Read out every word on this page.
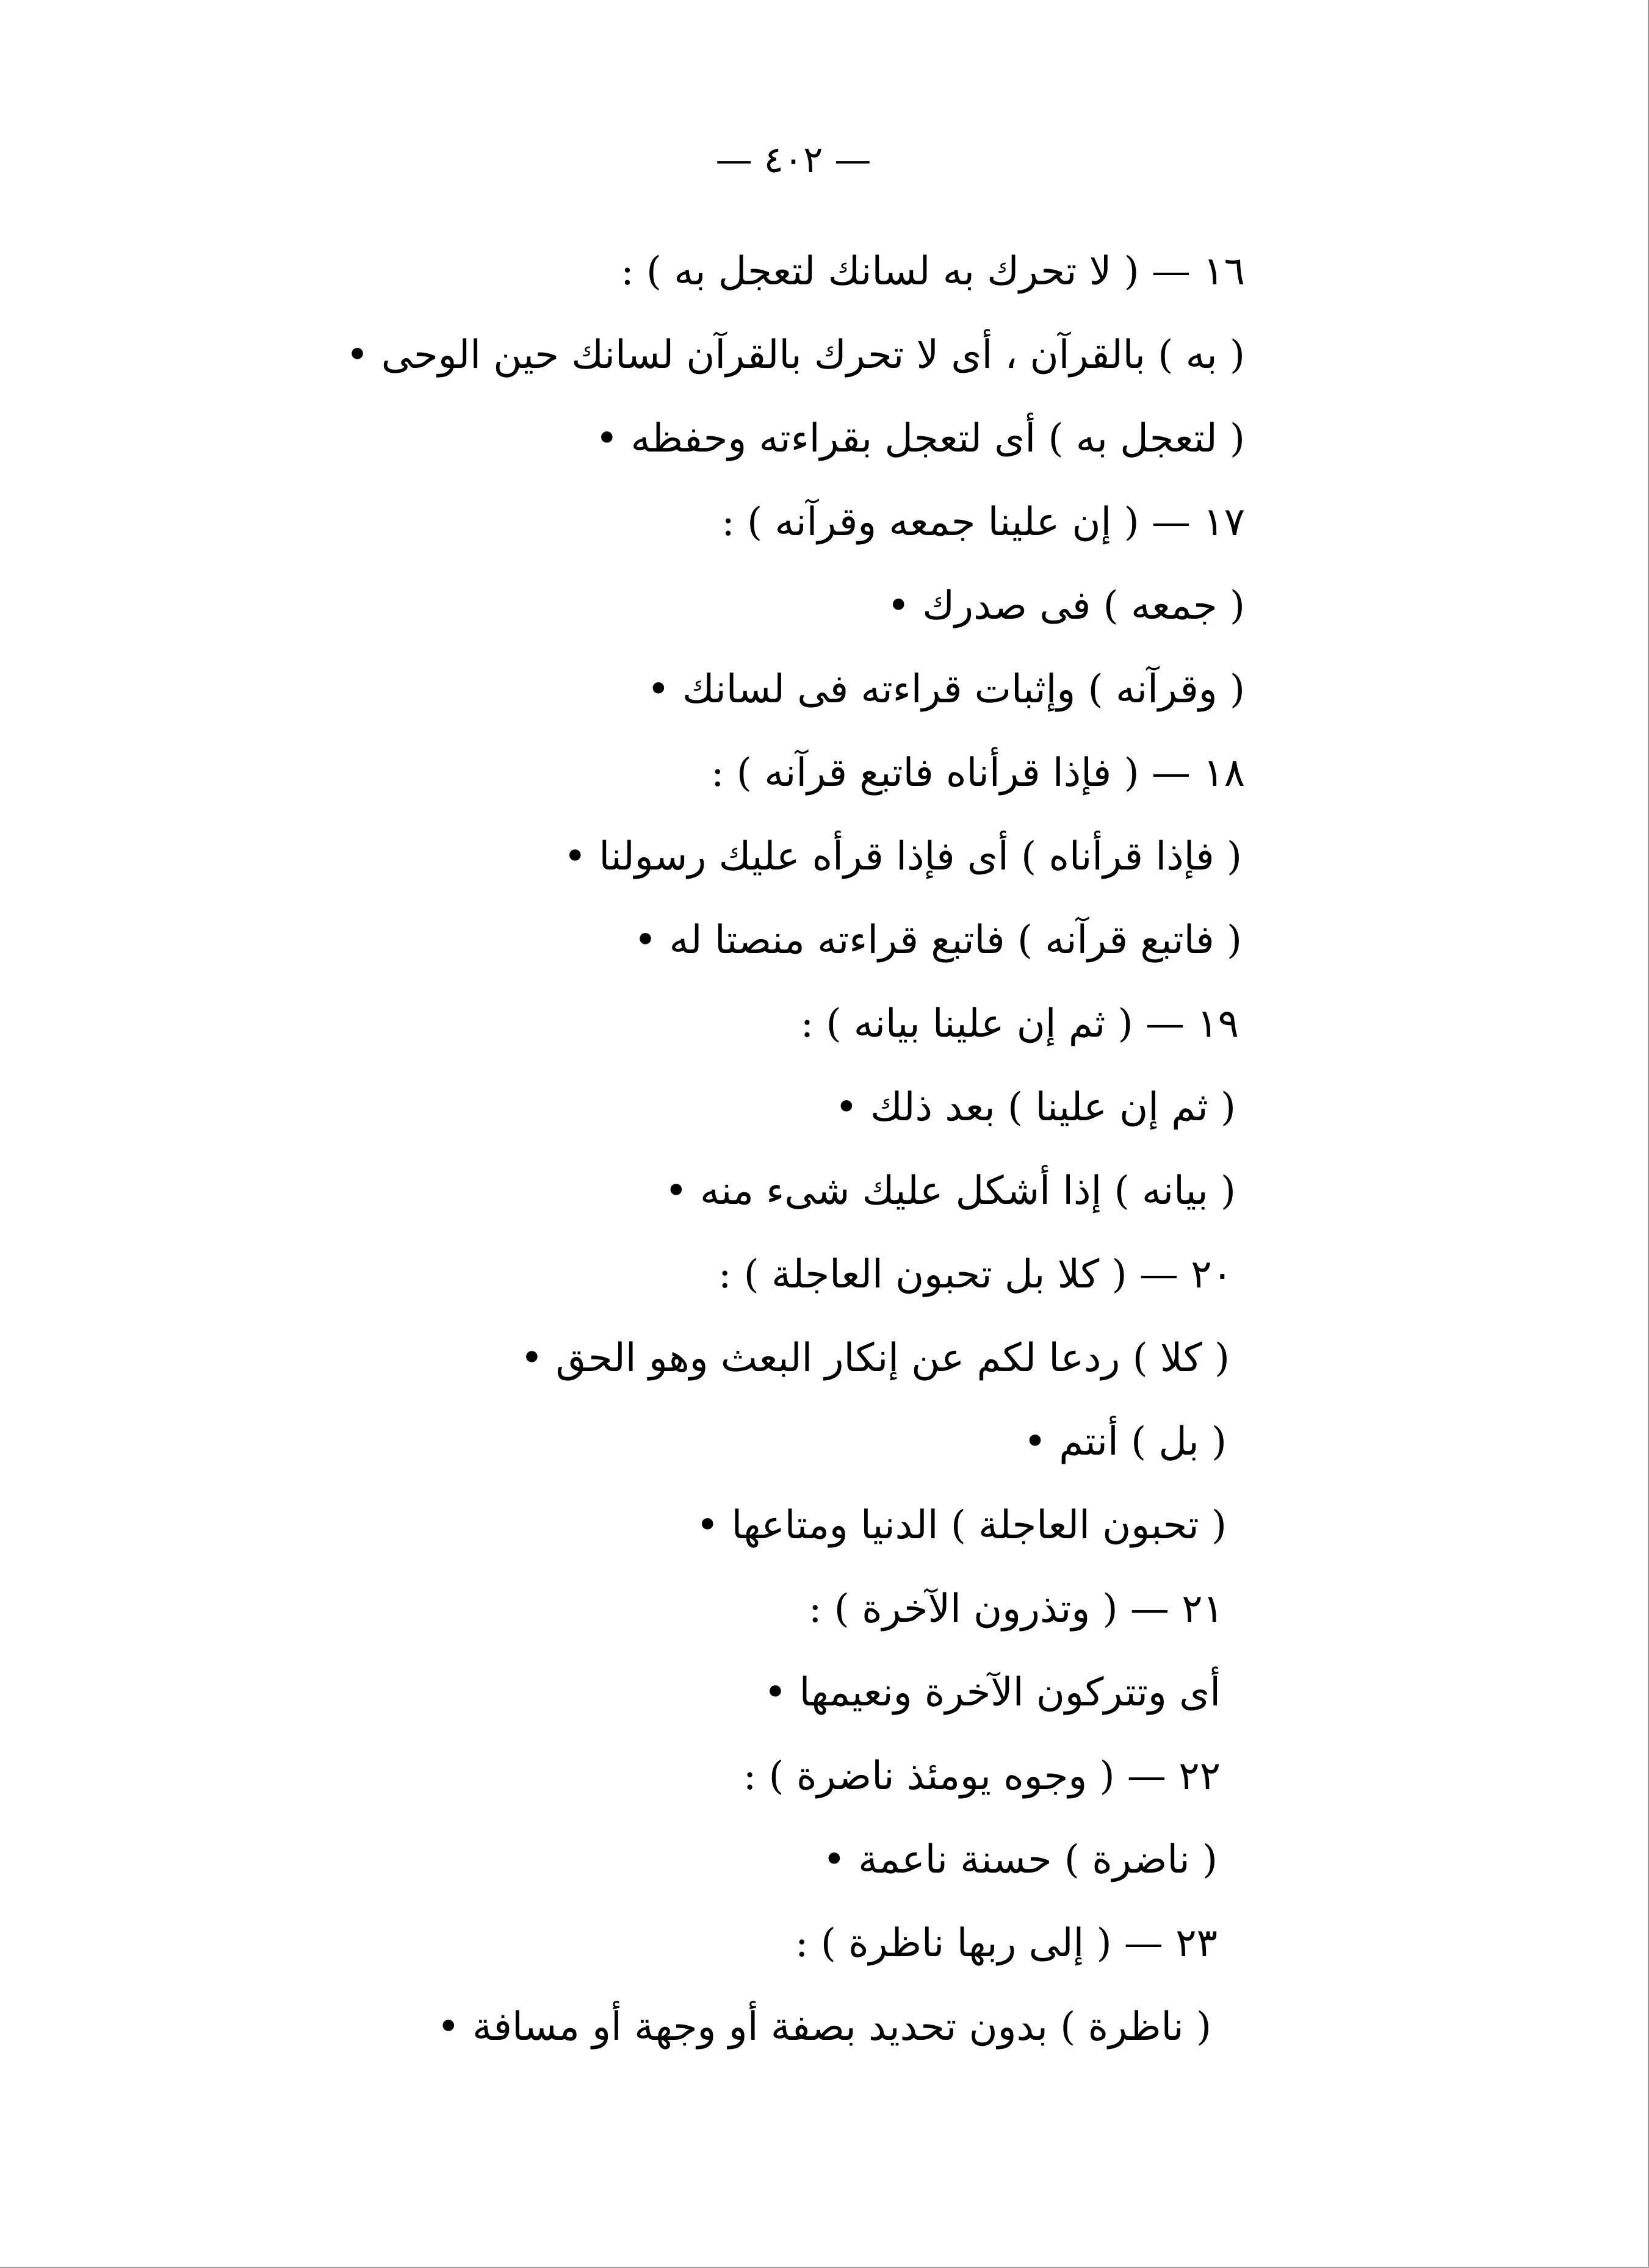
— ٤٠٢ —
١٦ — ( لا تحرك به لسانك لتعجل به ) :
( به ) بالقرآن ، أى لا تحرك بالقرآن لسانك حين الوحى •
( لتعجل به ) أى لتعجل بقراءته وحفظه •
١٧ — ( إن علينا جمعه وقرآنه ) :
( جمعه ) فى صدرك •
( وقرآنه ) وإثبات قراءته فى لسانك •
١٨ — ( فإذا قرأناه فاتبع قرآنه ) :
( فإذا قرأناه ) أى فإذا قرأه عليك رسولنا •
( فاتبع قرآنه ) فاتبع قراءته منصتا له •
١٩ — ( ثم إن علينا بيانه ) :
( ثم إن علينا ) بعد ذلك •
( بيانه ) إذا أشكل عليك شىء منه •
٢٠ — ( كلا بل تحبون العاجلة ) :
( كلا ) ردعا لكم عن إنكار البعث وهو الحق •
( بل ) أنتم •
( تحبون العاجلة ) الدنيا ومتاعها •
٢١ — ( وتذرون الآخرة ) :
أى وتتركون الآخرة ونعيمها •
٢٢ — ( وجوه يومئذ ناضرة ) :
( ناضرة ) حسنة ناعمة •
٢٣ — ( إلى ربها ناظرة ) :
( ناظرة ) بدون تحديد بصفة أو وجهة أو مسافة •
